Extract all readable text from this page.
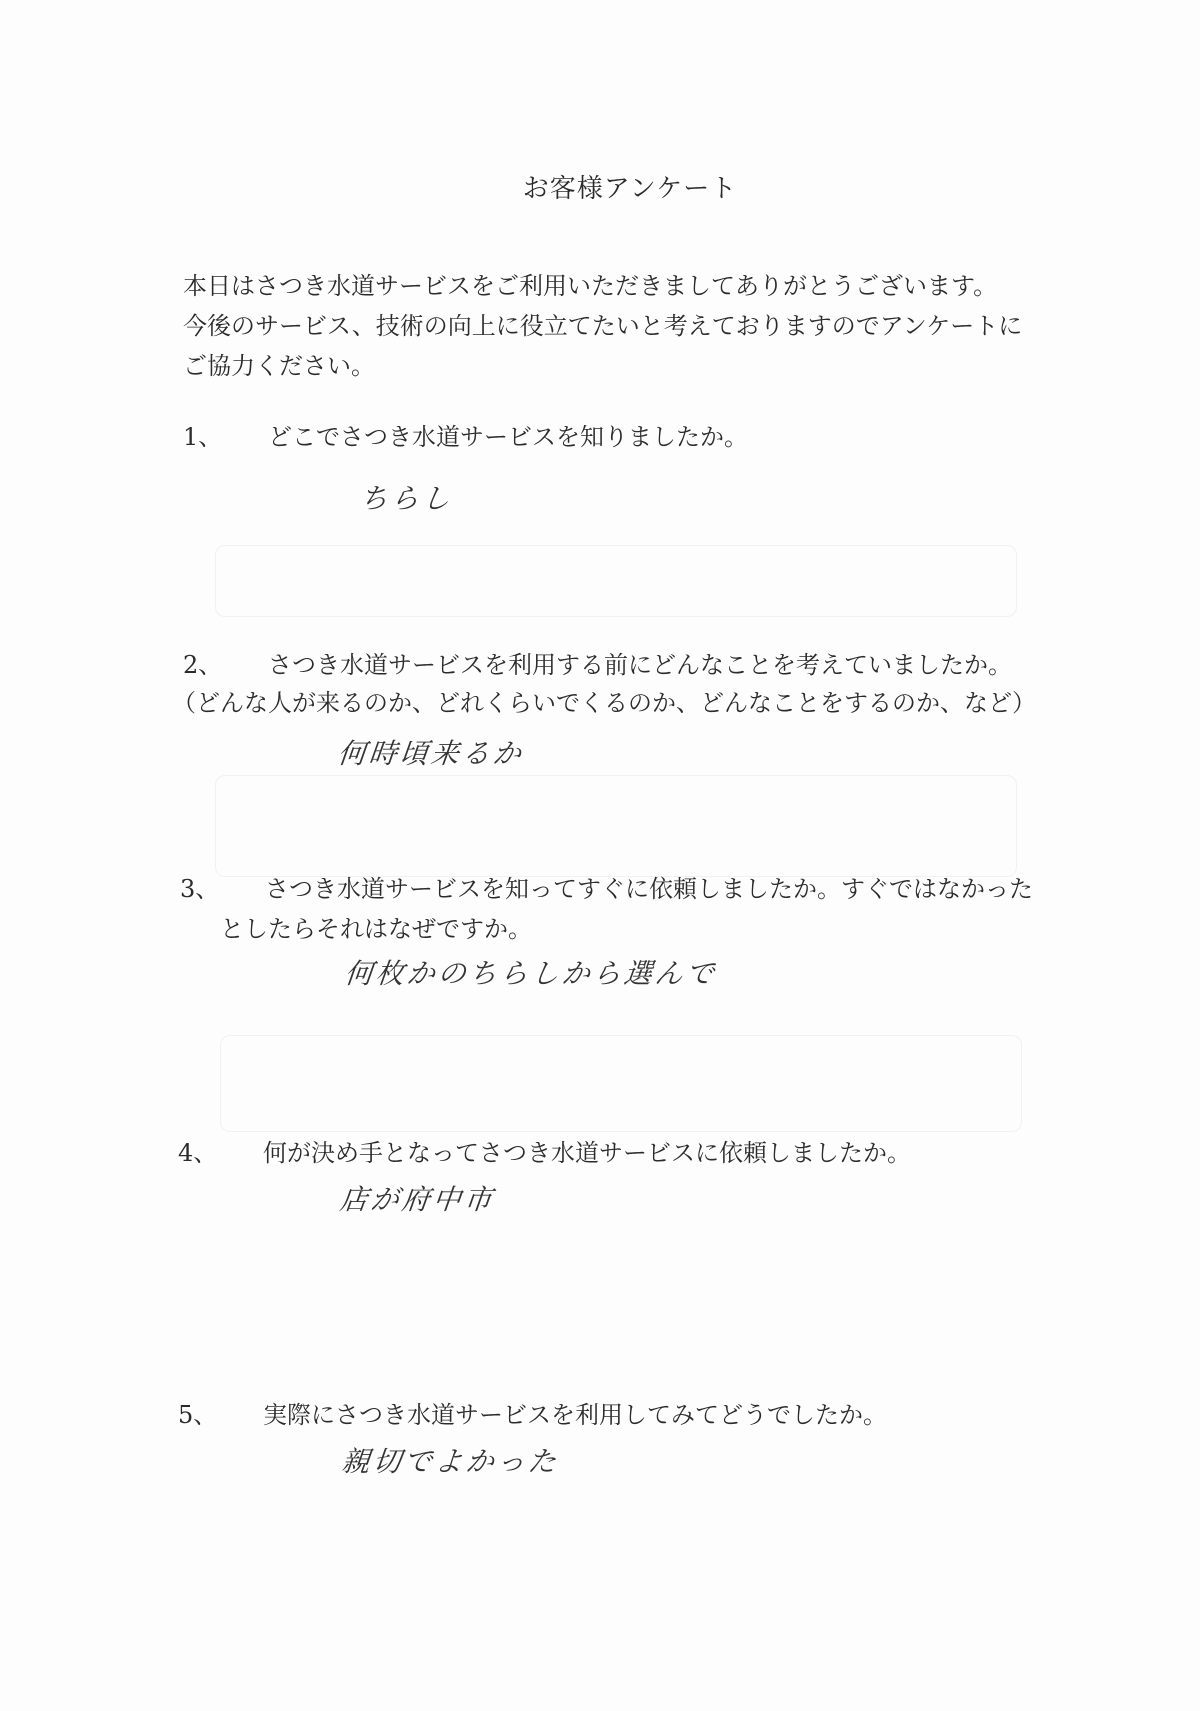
お客様アンケート
本日はさつき水道サービスをご利用いただきましてありがとうございます。
今後のサービス、技術の向上に役立てたいと考えておりますのでアンケートに
ご協力ください。
1、 どこでさつき水道サービスを知りましたか。
ちらし
2、 さつき水道サービスを利用する前にどんなことを考えていましたか。
（どんな人が来るのか、どれくらいでくるのか、どんなことをするのか、など）
何時頃来るか
3、 さつき水道サービスを知ってすぐに依頼しましたか。すぐではなかった
としたらそれはなぜですか。
何枚かのちらしから選んで
4、 何が決め手となってさつき水道サービスに依頼しましたか。
店が府中市
5、 実際にさつき水道サービスを利用してみてどうでしたか。
親切でよかった
